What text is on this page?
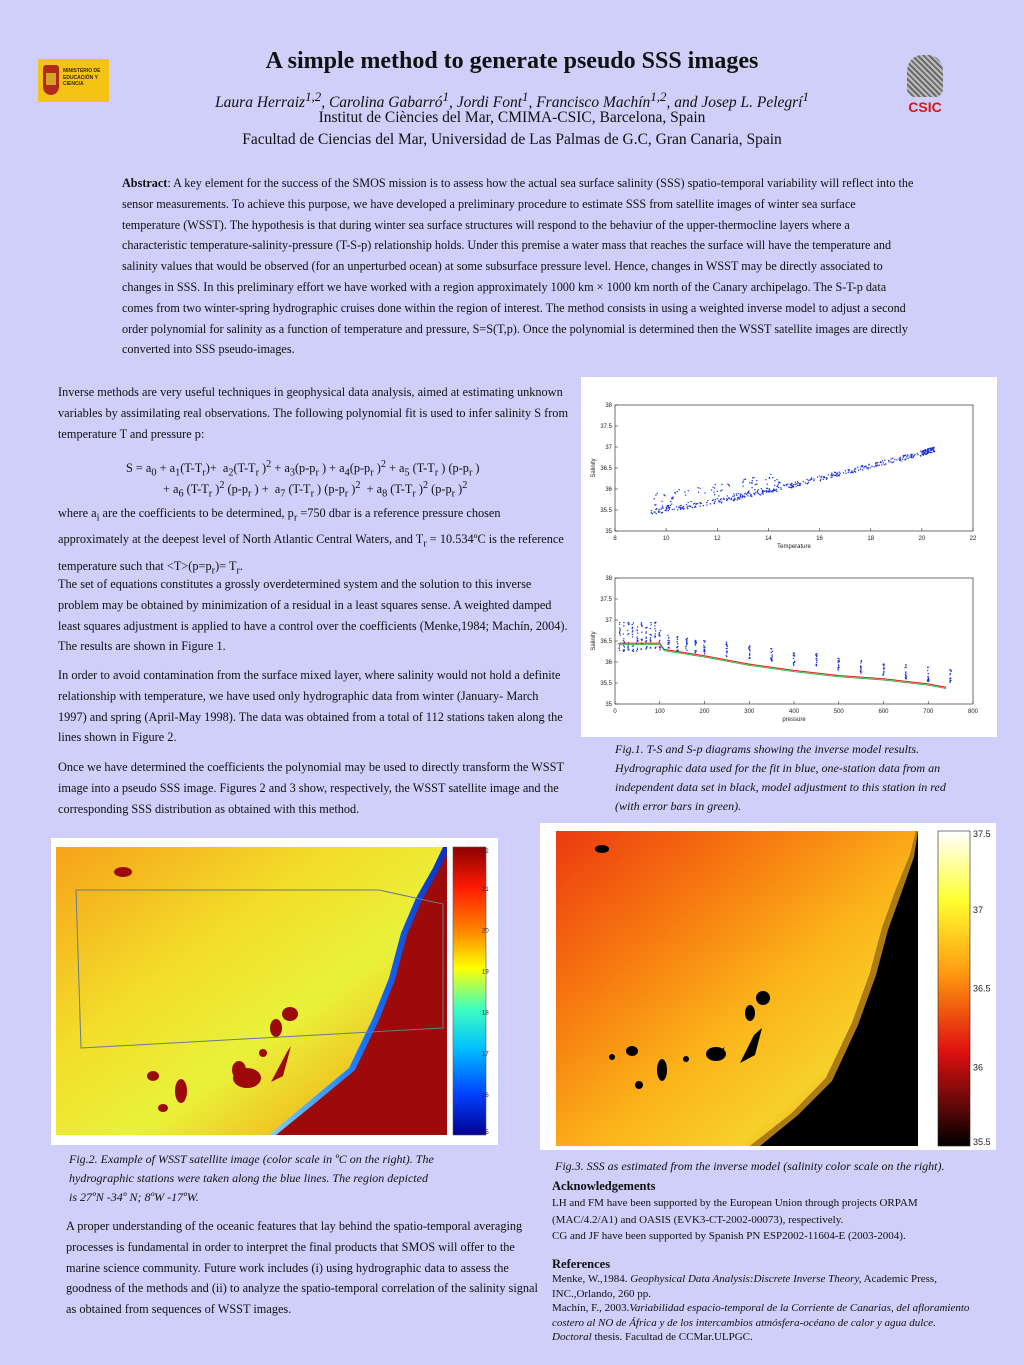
MINISTERIO DE EDUCACIÓN Y CIENCIA
CSIC
A simple method to generate pseudo SSS images
Laura Herraiz$^{1,2}$, Carolina Gabarró$^1$, Jordi Font$^1$, Francisco Machín$^{1,2}$, and Josep L. Pelegrí$^1$
Institut de Ciències del Mar, CMIMA-CSIC, Barcelona, Spain
Facultad de Ciencias del Mar, Universidad de Las Palmas de G.C, Gran Canaria, Spain
Abstract: A key element for the success of the SMOS mission is to assess how the actual sea surface salinity (SSS) spatio-temporal variability will reflect into the sensor measurements. To achieve this purpose, we have developed a preliminary procedure to estimate SSS from satellite images of winter sea surface temperature (WSST). The hypothesis is that during winter sea surface structures will respond to the behaviur of the upper-thermocline layers where a characteristic temperature-salinity-pressure (T-S-p) relationship holds. Under this premise a water mass that reaches the surface will have the temperature and salinity values that would be observed (for an unperturbed ocean) at some subsurface pressure level. Hence, changes in WSST may be directly associated to changes in SSS. In this preliminary effort we have worked with a region approximately 1000 km × 1000 km north of the Canary archipelago. The S-T-p data comes from two winter-spring hydrographic cruises done within the region of interest. The method consists in using a weighted inverse model to adjust a second order polynomial for salinity as a function of temperature and pressure, S=S(T,p). Once the polynomial is determined then the WSST satellite images are directly converted into SSS pseudo-images.
Inverse methods are very useful techniques in geophysical data analysis, aimed at estimating unknown variables by assimilating real observations. The following polynomial fit is used to infer salinity S from temperature T and pressure p:
$S = a_0 + a_1(T-T_r)+ a_2(T-T_r$ )$^2 + a_3(p-p_r$ ) + $a_4(p-p_r$ )$^2 + a_5$ ($T-T_r$ ) ($p-p_r$ )
+ $a_6$ ($T-T_r$ )$^2$ ($p-p_r$ ) +  $a_7$ ($T-T_r$ ) ($p-p_r$ )$^2 + a_8$ ($T-T_r$ )$^2$ ($p-p_r$ )$^2$
where $a_i$ are the coefficients to be determined, $p_r =750$ dbar is a reference pressure chosen approximately at the deepest level of North Atlantic Central Waters, and $T_r$ = 10.534ºC is the reference temperature such that $<T>(p=p_r)= T_r$.
The set of equations constitutes a grossly overdetermined system and the solution to this inverse problem may be obtained by minimization of a residual in a least squares sense. A weighted damped least squares adjustment is applied to have a control over the coefficients (Menke,1984; Machín, 2004). The results are shown in Figure 1.
In order to avoid contamination from the surface mixed layer, where salinity would not hold a definite relationship with temperature, we have used only hydrographic data from winter (January- March 1997) and spring (April-May 1998). The data was obtained from a total of 112 stations taken along the lines shown in Figure 2.
Once we have determined the coefficients the polynomial may be used to directly transform the WSST image into a pseudo SSS image. Figures 2 and 3 show, respectively, the WSST satellite image and the corresponding SSS distribution as obtained with this method.
8	10	12	14	16	18	20	22
35
35.5
36
36.5
37
37.5
38
Temperature
Salinity
0	100	200	300	400	500	600	700	800
35
35.5
36
36.5
37
37.5
38
pressure
Salinity
Fig.1. T-S and S-p diagrams showing the inverse model results. Hydrographic data used for the fit in blue, one-station data from an independent data set in black, model adjustment to this station in red (with error bars in green).
22
21
20
19
18
17
16
15
Fig.2. Example of WSST satellite image (color scale in ºC on the right). The
hydrographic stations were taken along the blue lines. The region depicted
is 27ºN -34º N; 8ºW -17ºW.
A proper understanding of the oceanic features that lay behind the spatio-temporal averaging processes is fundamental in order to interpret the final products that SMOS will offer to the marine science community. Future work includes (i) using hydrographic data to assess the goodness of the methods and (ii) to analyze the spatio-temporal correlation of the salinity signal as obtained from sequences of WSST images.
37.5
37
36.5
36
35.5
Fig.3. SSS as estimated from the inverse model (salinity color scale on the right).
Acknowledgements
LH and FM have been supported by the European Union through projects ORPAM
(MAC/4.2/A1) and OASIS (EVK3-CT-2002-00073), respectively.
CG and JF have been supported by Spanish PN ESP2002-11604-E (2003-2004).
References
Menke, W.,1984. Geophysical Data Analysis:Discrete Inverse Theory, Academic Press, INC.,Orlando, 260 pp.
Machín, F., 2003.Variabilidad espacio-temporal de la Corriente de Canarias, del afloramiento costero al NO de África y de los intercambios atmósfera-océano de calor y agua dulce. Doctoral thesis. Facultad de CCMar.ULPGC.
